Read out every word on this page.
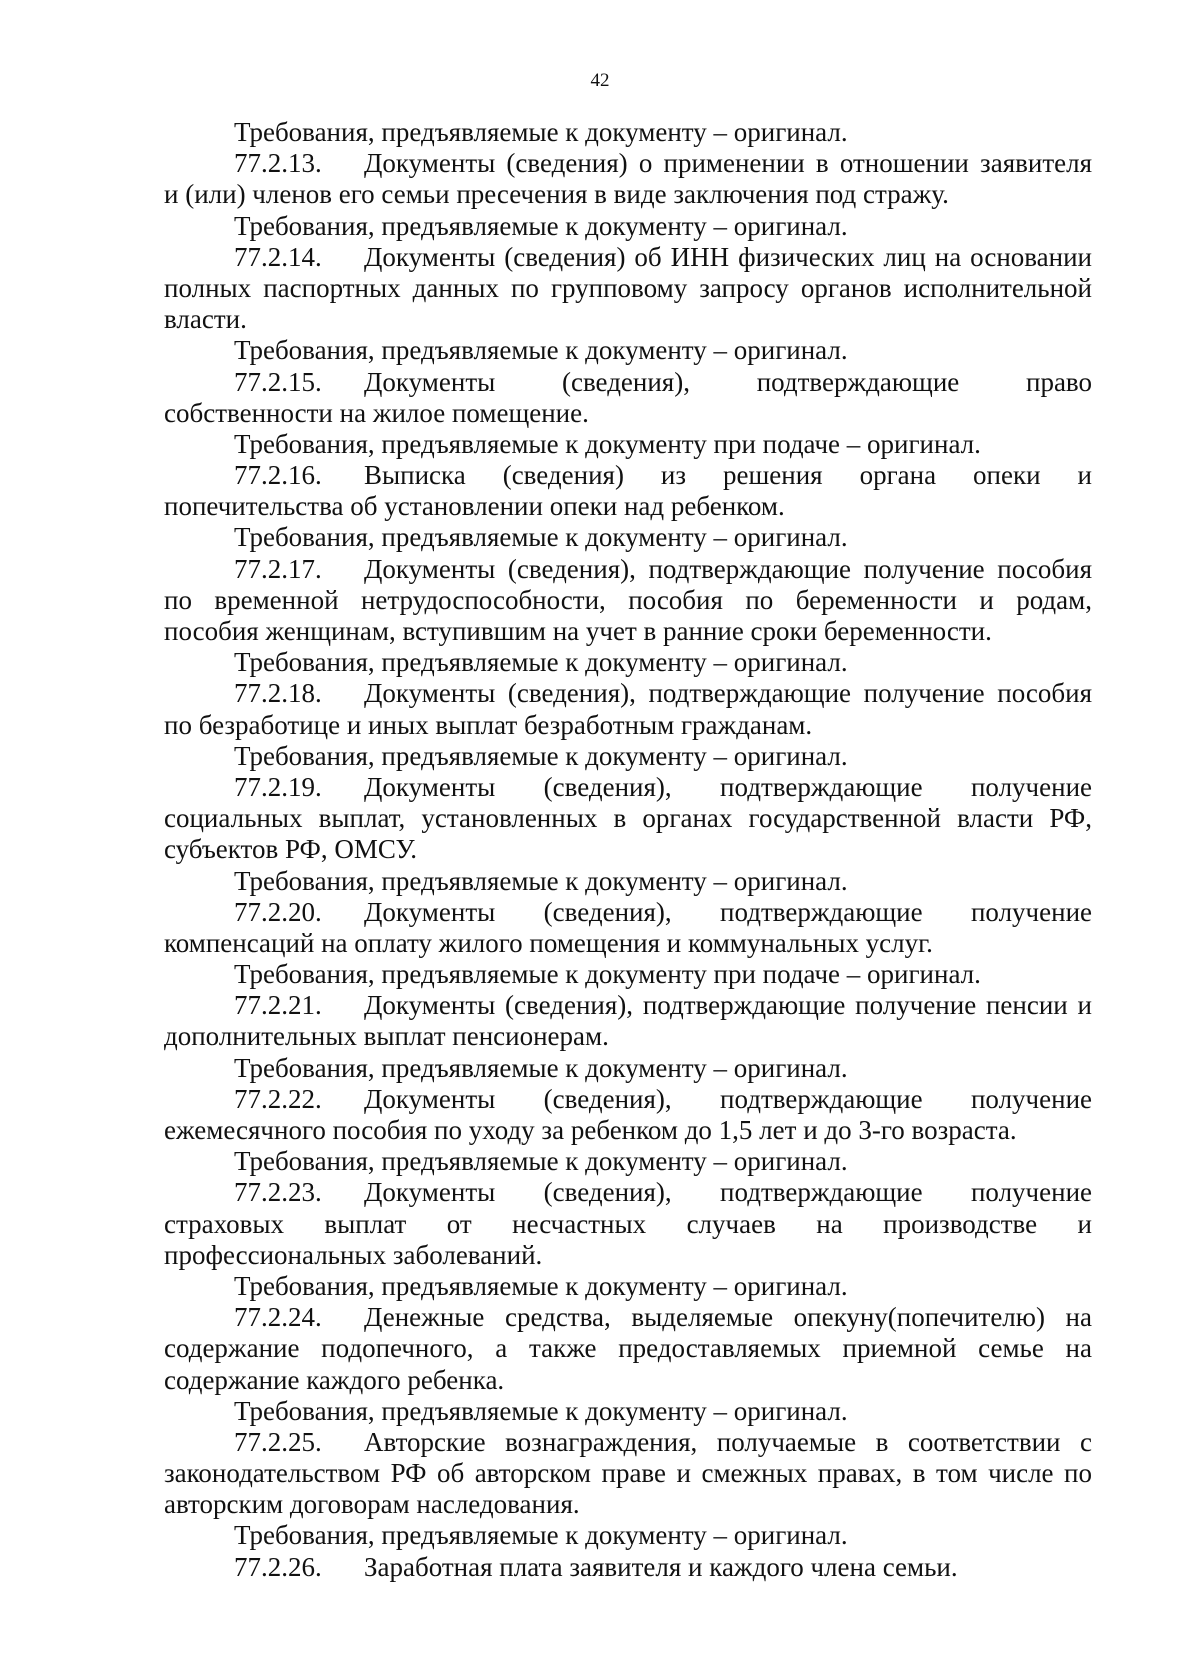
42
Требования, предъявляемые к документу – оригинал.
77.2.13.	Документы (сведения) о применении в отношении заявителя
и (или) членов его семьи пресечения в виде заключения под стражу.
Требования, предъявляемые к документу – оригинал.
77.2.14.	Документы (сведения) об ИНН физических лиц на основании
полных паспортных данных по групповому запросу органов исполнительной
власти.
Требования, предъявляемые к документу – оригинал.
77.2.15.	Документы (сведения), подтверждающие право
собственности на жилое помещение.
Требования, предъявляемые к документу при подаче – оригинал.
77.2.16.	Выписка (сведения) из решения органа опеки и
попечительства об установлении опеки над ребенком.
Требования, предъявляемые к документу – оригинал.
77.2.17.	Документы (сведения), подтверждающие получение пособия
по временной нетрудоспособности, пособия по беременности и родам,
пособия женщинам, вступившим на учет в ранние сроки беременности.
Требования, предъявляемые к документу – оригинал.
77.2.18.	Документы (сведения), подтверждающие получение пособия
по безработице и иных выплат безработным гражданам.
Требования, предъявляемые к документу – оригинал.
77.2.19.	Документы (сведения), подтверждающие получение
социальных выплат, установленных в органах государственной власти РФ,
субъектов РФ, ОМСУ.
Требования, предъявляемые к документу – оригинал.
77.2.20.	Документы (сведения), подтверждающие получение
компенсаций на оплату жилого помещения и коммунальных услуг.
Требования, предъявляемые к документу при подаче – оригинал.
77.2.21.	Документы (сведения), подтверждающие получение пенсии и
дополнительных выплат пенсионерам.
Требования, предъявляемые к документу – оригинал.
77.2.22.	Документы (сведения), подтверждающие получение
ежемесячного пособия по уходу за ребенком до 1,5 лет и до 3-го возраста.
Требования, предъявляемые к документу – оригинал.
77.2.23.	Документы (сведения), подтверждающие получение
страховых выплат от несчастных случаев на производстве и
профессиональных заболеваний.
Требования, предъявляемые к документу – оригинал.
77.2.24.	Денежные средства, выделяемые опекуну(попечителю) на
содержание подопечного, а также предоставляемых приемной семье на
содержание каждого ребенка.
Требования, предъявляемые к документу – оригинал.
77.2.25.	Авторские вознаграждения, получаемые в соответствии с
законодательством РФ об авторском праве и смежных правах, в том числе по
авторским договорам наследования.
Требования, предъявляемые к документу – оригинал.
77.2.26.	Заработная плата заявителя и каждого члена семьи.
